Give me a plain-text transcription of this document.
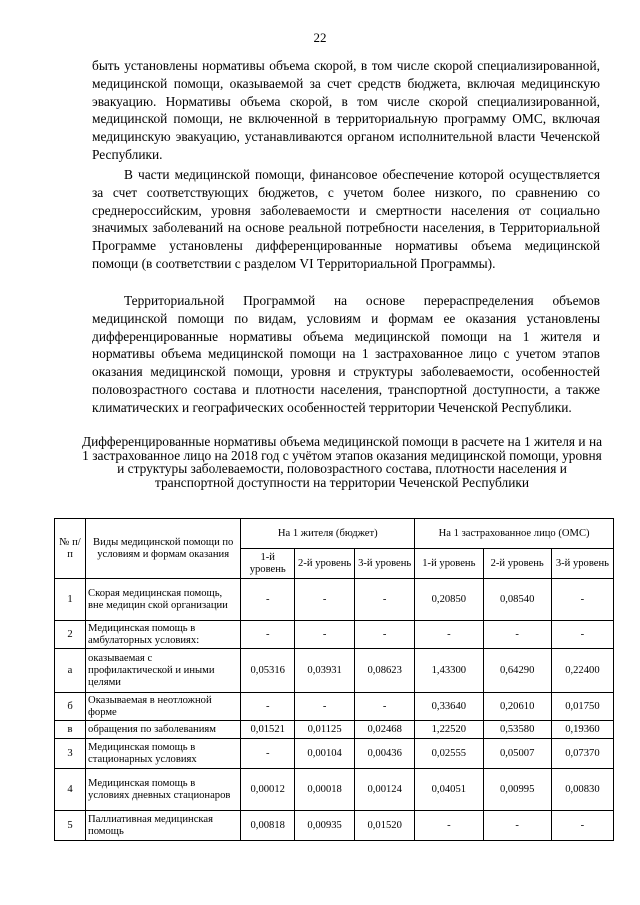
22

быть установлены нормативы объема скорой, в том числе скорой специализированной, медицинской помощи, оказываемой за счет средств бюджета, включая медицинскую эвакуацию. Нормативы объема скорой, в том числе скорой специализированной, медицинской помощи, не включенной в территориальную программу ОМС, включая медицинскую эвакуацию, устанавливаются органом исполнительной власти Чеченской Республики.

В части медицинской помощи, финансовое обеспечение которой осуществляется за счет соответствующих бюджетов, с учетом более низкого, по сравнению со среднероссийским, уровня заболеваемости и смертности населения от социально значимых заболеваний на основе реальной потребности населения, в Территориальной Программе установлены дифференцированные нормативы объема медицинской помощи (в соответствии с разделом VI Территориальной Программы).

Территориальной Программой на основе перераспределения объемов медицинской помощи по видам, условиям и формам ее оказания установлены дифференцированные нормативы объема медицинской помощи на 1 жителя и нормативы объема медицинской помощи на 1 застрахованное лицо с учетом этапов оказания медицинской помощи, уровня и структуры заболеваемости, особенностей половозрастного состава и плотности населения, транспортной доступности, а также климатических и географических особенностей территории Чеченской Республики.

Дифференцированные нормативы объема медицинской помощи в расчете на 1 жителя и на 1 застрахованное лицо на 2018 год с учётом этапов оказания медицинской помощи, уровня и структуры заболеваемости, половозрастного состава, плотности населения и транспортной доступности на территории Чеченской Республики
№ п/п	Виды медицинской помощи по условиям и формам оказания	На 1 жителя (бюджет)			На 1 застрахованное лицо (ОМС)		
		1-й уровень	2-й уровень	3-й уровень	1-й уровень	2-й уровень	3-й уровень
1	Скорая медицинская помощь, вне медицин ской организации	-	-	-	0,20850	0,08540	-
2	Медицинская помощь в амбулаторных условиях:	-	-	-	-	-	-
а	оказываемая с профилактической и иными целями	0,05316	0,03931	0,08623	1,43300	0,64290	0,22400
б	Оказываемая в неотложной форме	-	-	-	0,33640	0,20610	0,01750
в	обращения по заболеваниям	0,01521	0,01125	0,02468	1,22520	0,53580	0,19360
3	Медицинская помощь в стационарных условиях	-	0,00104	0,00436	0,02555	0,05007	0,07370
4	Медицинская помощь в условиях дневных стационаров	0,00012	0,00018	0,00124	0,04051	0,00995	0,00830
5	Паллиативная медицинская помощь	0,00818	0,00935	0,01520	-	-	-
